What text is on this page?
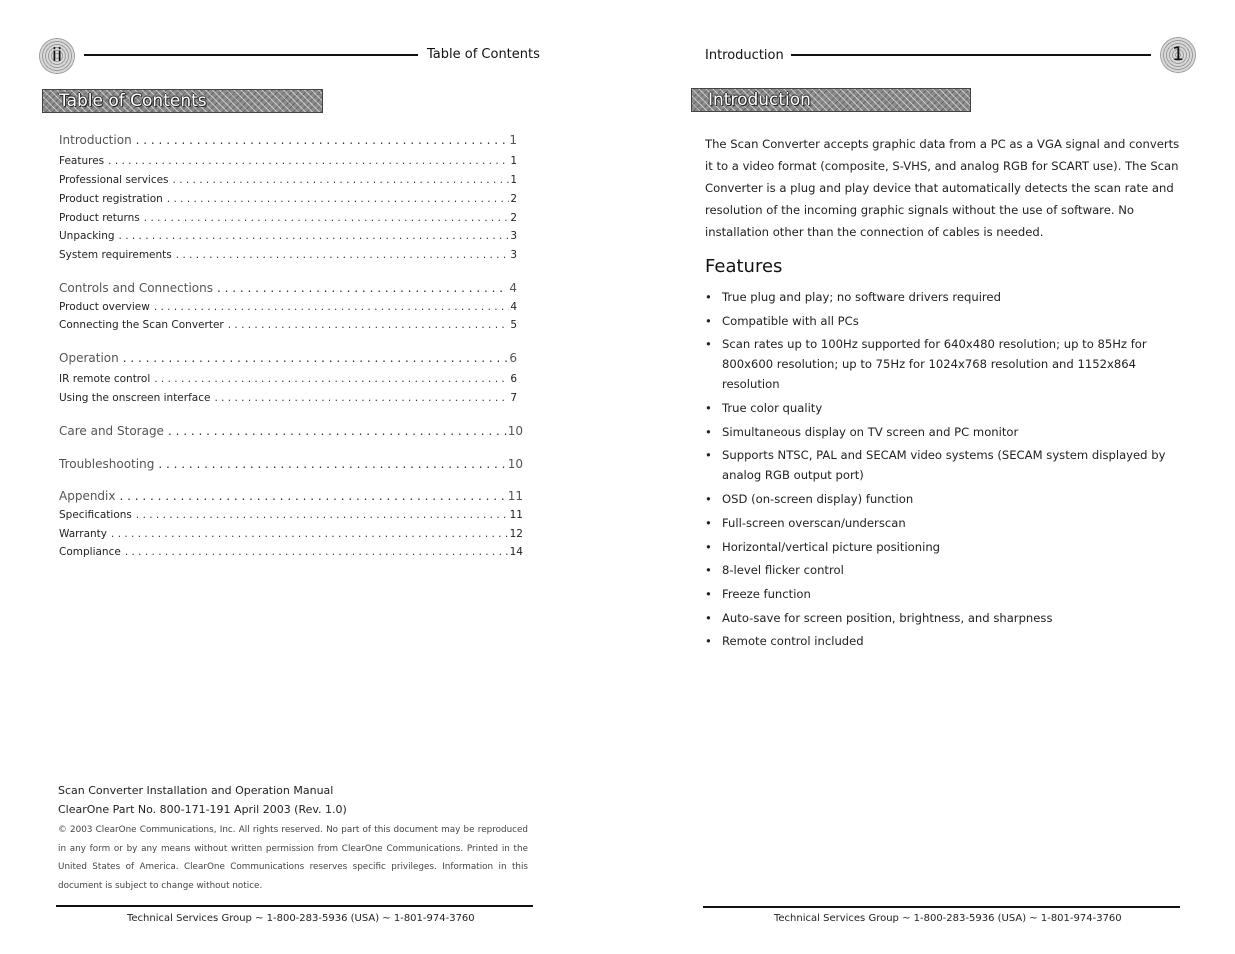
ii	Table of Contents
Table of Contents
Introduction . . .	1
Features . . .	1
Professional services . . .	1
Product registration . . .	2
Product returns . . .	2
Unpacking . . .	3
System requirements . . .	3
Controls and Connections . . .	4
Product overview . . .	4
Connecting the Scan Converter . . .	5
Operation . . .	6
IR remote control . . .	6
Using the onscreen interface . . .	7
Care and Storage . . .	10
Troubleshooting . . .	10
Appendix . . .	11
Specifications . . .	11
Warranty . . .	12
Compliance . . .	14
Scan Converter Installation and Operation Manual
ClearOne Part No. 800-171-191 April 2003 (Rev. 1.0)
© 2003 ClearOne Communications, Inc. All rights reserved. No part of this document may be reproduced in any form or by any means without written permission from ClearOne Communications. Printed in the United States of America. ClearOne Communications reserves specific privileges. Information in this document is subject to change without notice.
Technical Services Group ~ 1-800-283-5936 (USA) ~ 1-801-974-3760
Introduction	1
Introduction
The Scan Converter accepts graphic data from a PC as a VGA signal and converts it to a video format (composite, S-VHS, and analog RGB for SCART use). The Scan Converter is a plug and play device that automatically detects the scan rate and resolution of the incoming graphic signals without the use of software. No installation other than the connection of cables is needed.
Features
• True plug and play; no software drivers required
• Compatible with all PCs
• Scan rates up to 100Hz supported for 640x480 resolution; up to 85Hz for 800x600 resolution; up to 75Hz for 1024x768 resolution and 1152x864 resolution
• True color quality
• Simultaneous display on TV screen and PC monitor
• Supports NTSC, PAL and SECAM video systems (SECAM system displayed by analog RGB output port)
• OSD (on-screen display) function
• Full-screen overscan/underscan
• Horizontal/vertical picture positioning
• 8-level flicker control
• Freeze function
• Auto-save for screen position, brightness, and sharpness
• Remote control included
Technical Services Group ~ 1-800-283-5936 (USA) ~ 1-801-974-3760
